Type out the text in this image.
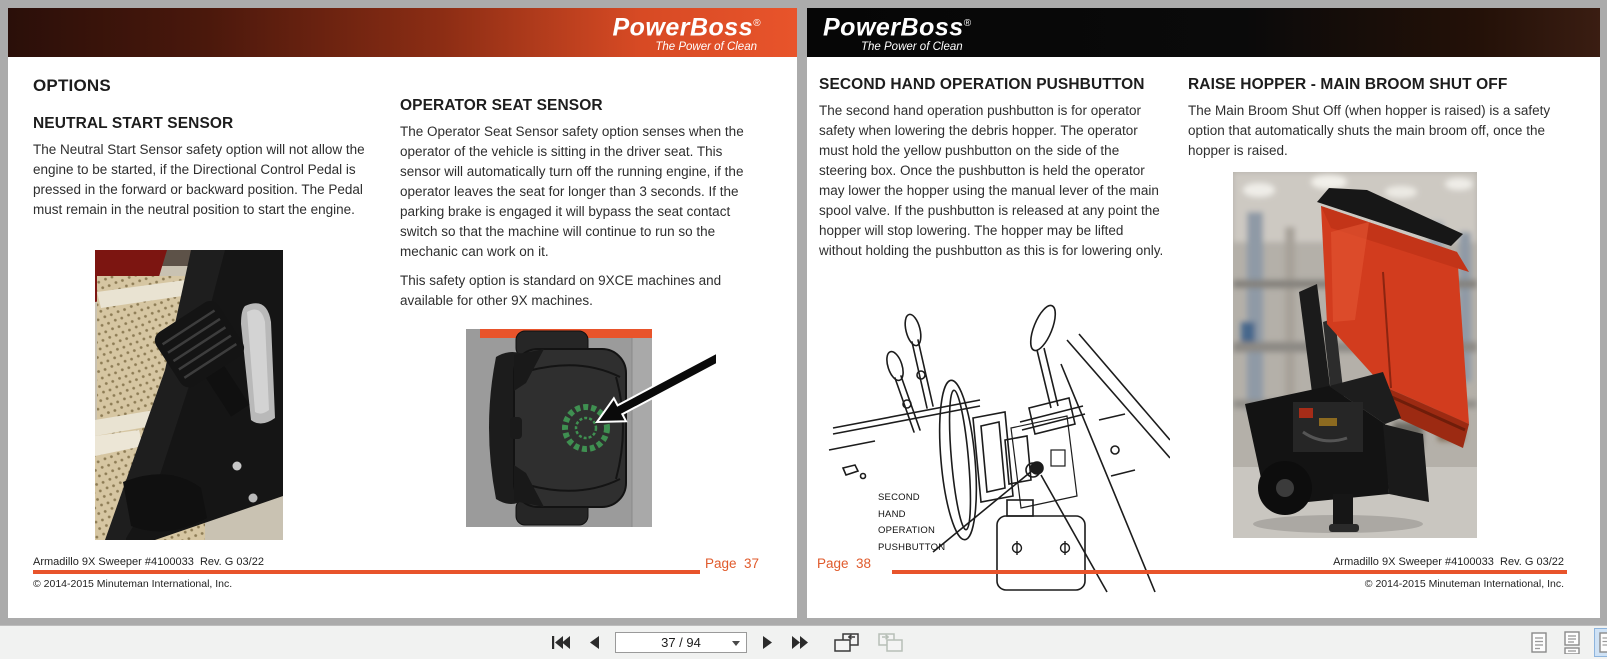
PowerBoss®
The Power of Clean
OPTIONS
NEUTRAL START SENSOR
The Neutral Start Sensor safety option will not allow the engine to be started, if the Directional Control Pedal is pressed in the forward or backward position. The Pedal must remain in the neutral position to start the engine.
OPERATOR SEAT SENSOR
The Operator Seat Sensor safety option senses when the operator of the vehicle is sitting in the driver seat. This sensor will automatically turn off the running engine, if the operator leaves the seat for longer than 3 seconds. If the parking brake is engaged it will bypass the seat contact switch so that the machine will continue to run so the mechanic can work on it.
This safety option is standard on 9XCE machines and available for other 9X machines.
Armadillo 9X Sweeper #4100033  Rev. G 03/22	Page  37
© 2014-2015 Minuteman International, Inc.
PowerBoss®
The Power of Clean
SECOND HAND OPERATION PUSHBUTTON
The second hand operation pushbutton is for operator safety when lowering the debris hopper. The operator must hold the yellow pushbutton on the side of the steering box. Once the pushbutton is held the operator may lower the hopper using the manual lever of the main spool valve. If the pushbutton is released at any point the hopper will stop lowering. The hopper may be lifted without holding the pushbutton as this is for lowering only.
SECOND
HAND
OPERATION
PUSHBUTTON
RAISE HOPPER - MAIN BROOM SHUT OFF
The Main Broom Shut Off (when hopper is raised) is a safety option that automatically shuts the main broom off, once the hopper is raised.
Page  38	Armadillo 9X Sweeper #4100033  Rev. G 03/22
© 2014-2015 Minuteman International, Inc.
37 / 94
